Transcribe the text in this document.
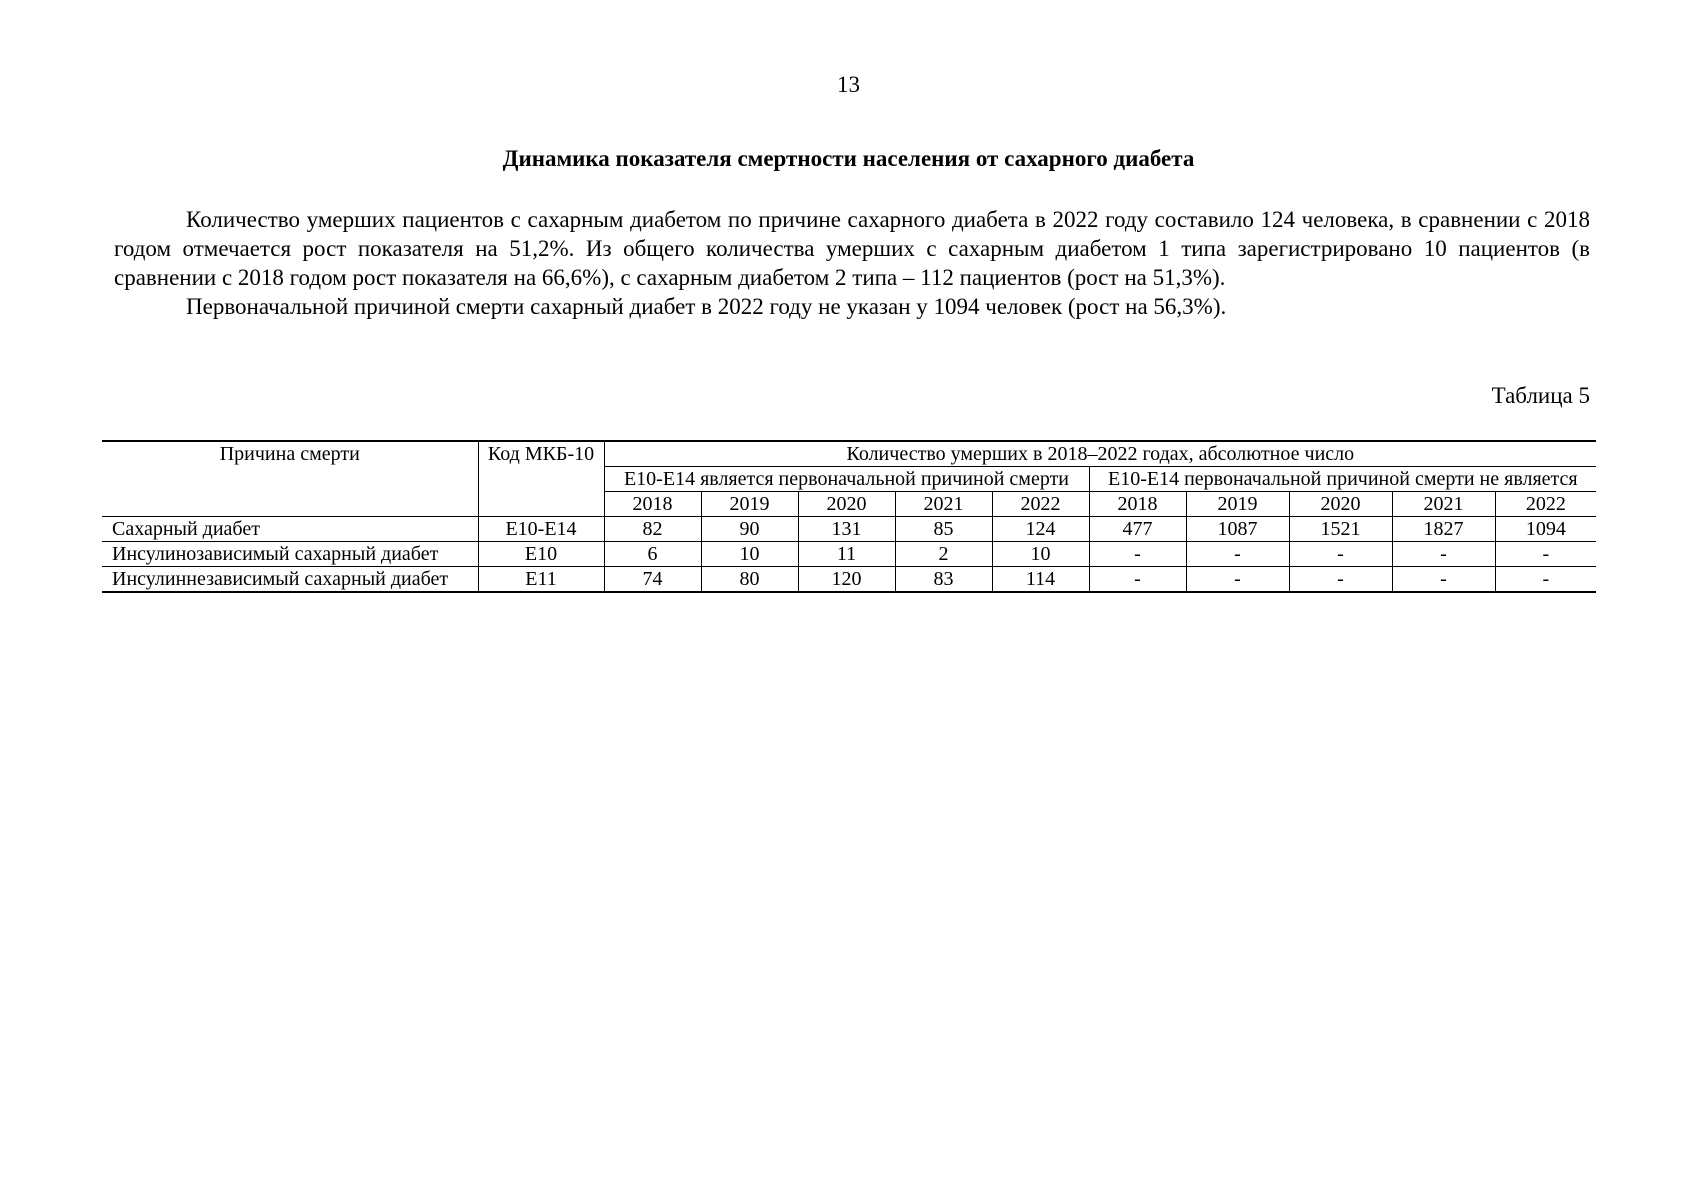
13
Динамика показателя смертности населения от сахарного диабета

Количество умерших пациентов с сахарным диабетом по причине сахарного диабета в 2022 году составило 124 человека, в сравнении с 2018 годом отмечается рост показателя на 51,2%. Из общего количества умерших с сахарным диабетом 1 типа зарегистрировано 10 пациентов (в сравнении с 2018 годом рост показателя на 66,6%), с сахарным диабетом 2 типа – 112 пациентов (рост на 51,3%).

Первоначальной причиной смерти сахарный диабет в 2022 году не указан у 1094 человек (рост на 56,3%).

Таблица 5
Причина смерти	Код МКБ-10	Количество умерших в 2018–2022 годах, абсолютное число									
		Е10-Е14 является первоначальной причиной смерти					Е10-Е14 первоначальной причиной смерти не является				
		2018	2019	2020	2021	2022	2018	2019	2020	2021	2022
Сахарный диабет	Е10-Е14	82	90	131	85	124	477	1087	1521	1827	1094
Инсулинозависимый сахарный диабет	Е10	6	10	11	2	10	-	-	-	-	-
Инсулиннезависимый сахарный диабет	Е11	74	80	120	83	114	-	-	-	-	-
